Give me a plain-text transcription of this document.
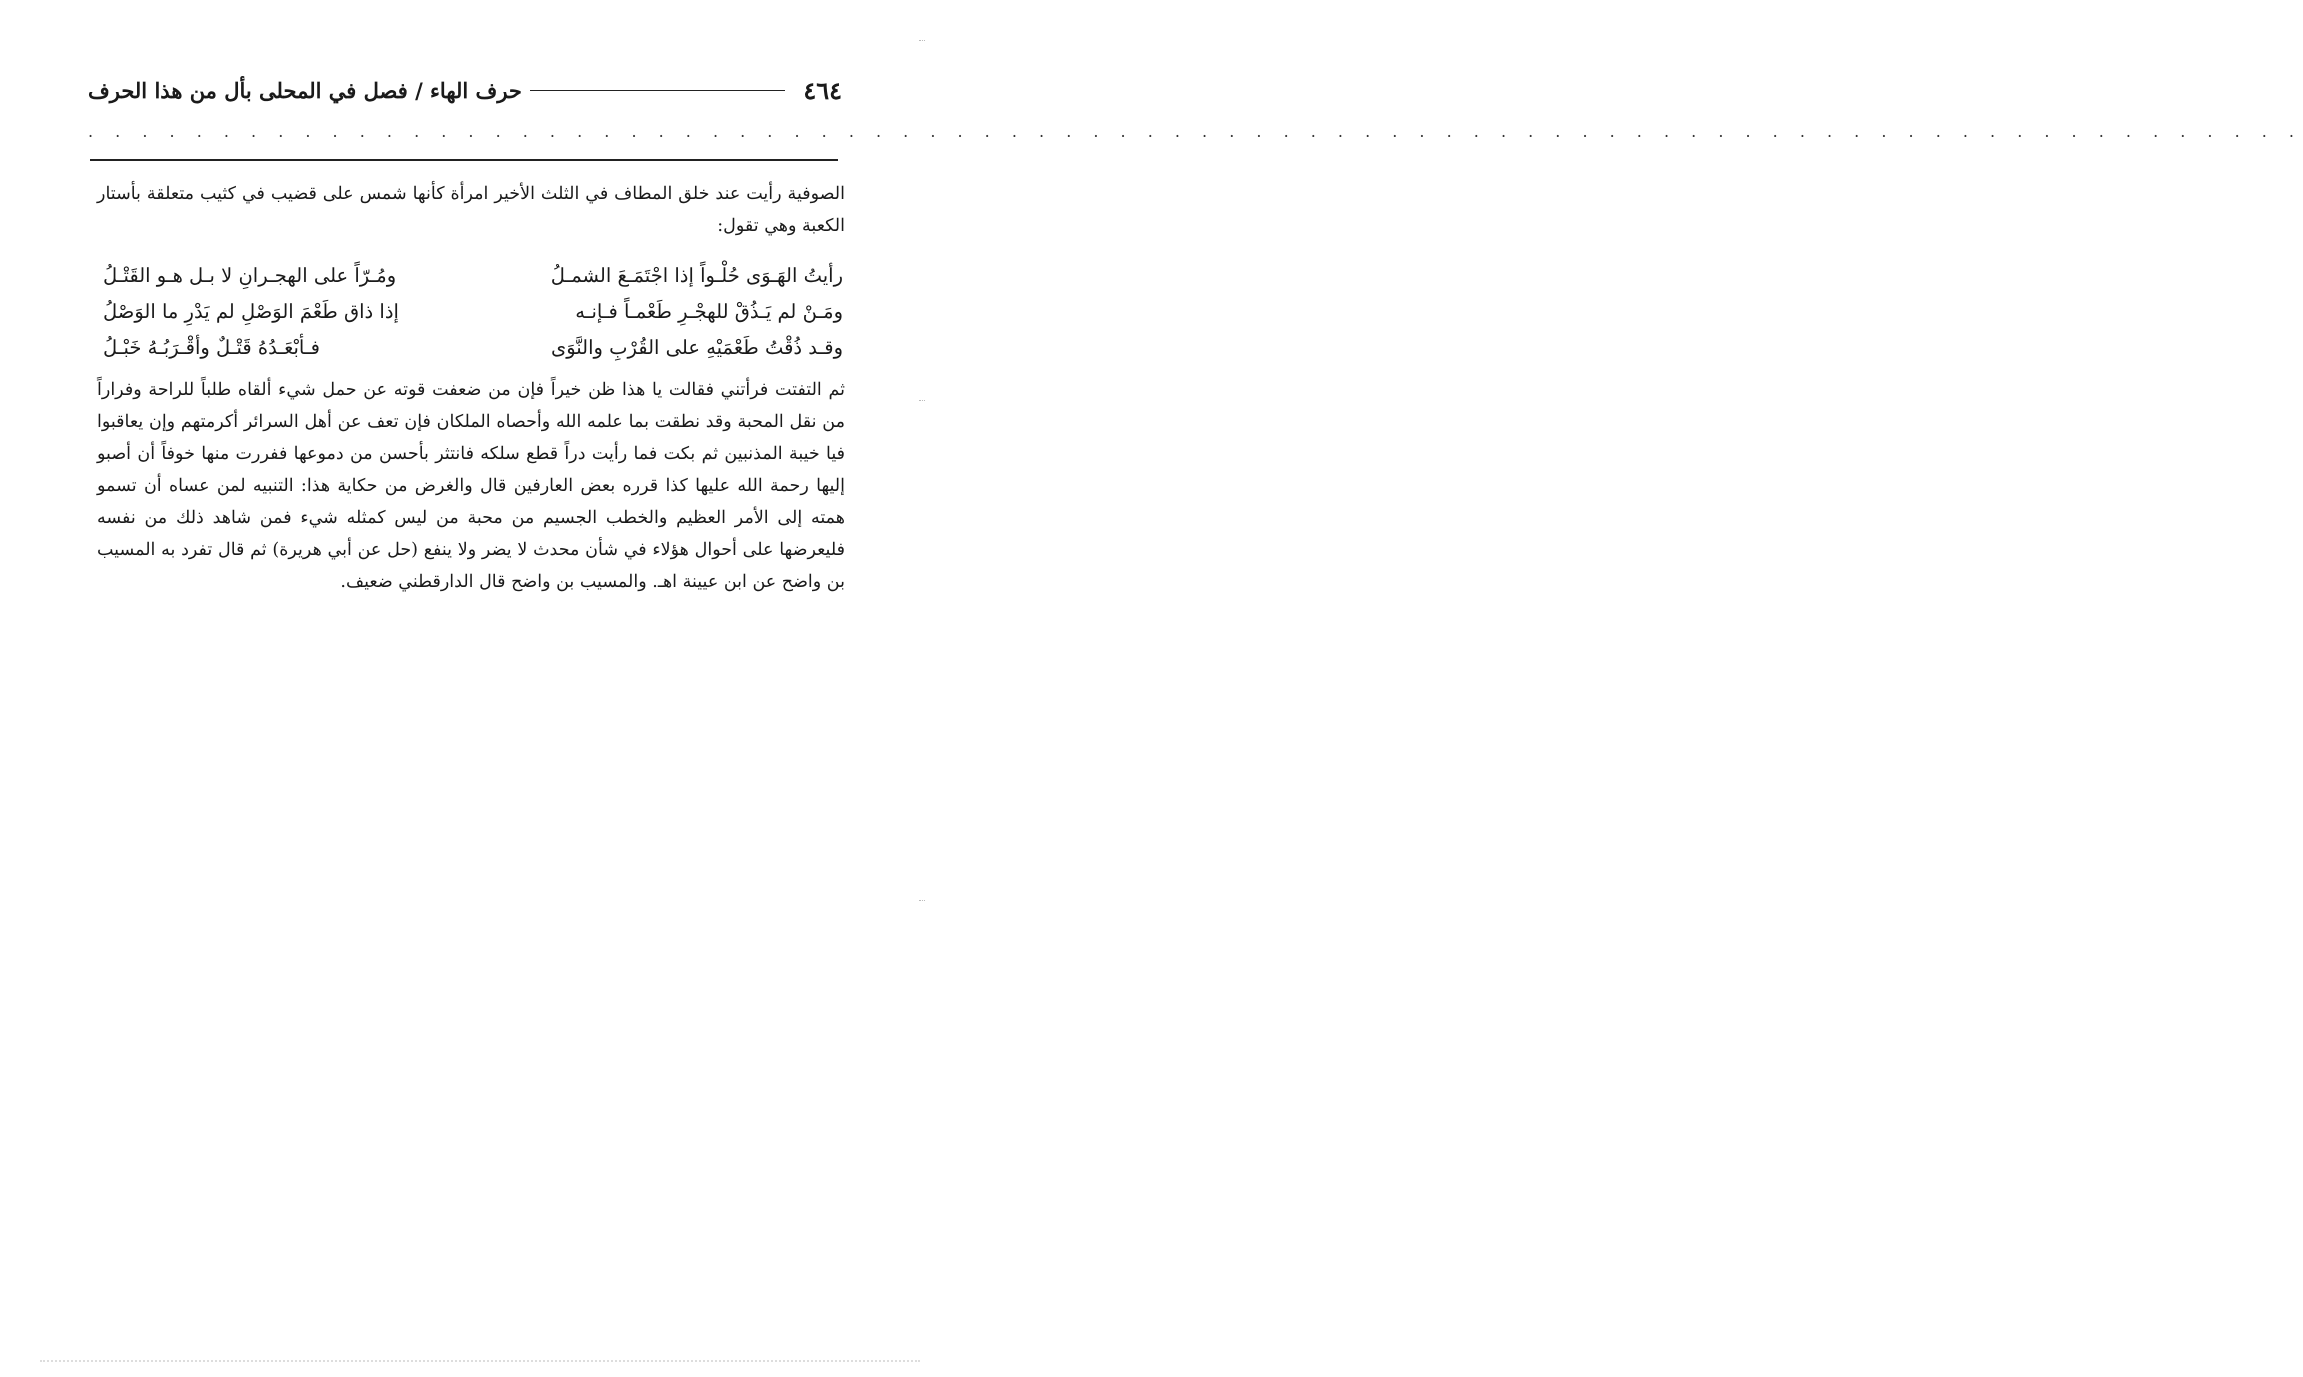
٤٦٤
حرف الهاء / فصل في المحلى بأل من هذا الحرف
. . . . . . . . . . . . . . . . . . . . . . . . . . . . . . . . . . . . . . . . . . . . . . . . . . . . . . . . . . . . . . . . . . . . . . . . . . . . . . . . . .
الصوفية رأيت عند خلق المطاف في الثلث الأخير امرأة كأنها شمس على قضيب في كثيب متعلقة بأستار الكعبة وهي تقول:
رأيتُ الهَـوَى حُلْـواً إذا اجْتَمَـعَ الشمـلُ
ومُـرّاً على الهجـرانِ لا بـل هـو القَتْـلُ
ومَـنْ لم يَـذُقْ للهجْـرِ طَعْمـاً فـإنـه
إذا ذاق طَعْمَ الوَصْلِ لم يَدْرِ ما الوَصْلُ
وقـد ذُقْتُ طَعْمَيْهِ على القُرْبِ والنَّوَى
فـأبْعَـدُهُ قَتْـلٌ وأقْـرَبُـهُ خَبْـلُ
ثم التفتت فرأتني فقالت يا هذا ظن خيراً فإن من ضعفت قوته عن حمل شيء ألقاه طلباً للراحة وفراراً من نقل المحبة وقد نطقت بما علمه الله وأحصاه الملكان فإن تعف عن أهل السرائر أكرمتهم وإن يعاقبوا فيا خيبة المذنبين ثم بكت فما رأيت دراً قطع سلكه فانتثر بأحسن من دموعها ففررت منها خوفاً أن أصبو إليها رحمة الله عليها كذا قرره بعض العارفين قال والغرض من حكاية هذا: التنبيه لمن عساه أن تسمو همته إلى الأمر العظيم والخطب الجسيم من محبة من ليس كمثله شيء فمن شاهد ذلك من نفسه فليعرضها على أحوال هؤلاء في شأن محدث لا يضر ولا ينفع (حل عن أبي هريرة) ثم قال تفرد به المسيب بن واضح عن ابن عيينة اهـ. والمسيب بن واضح قال الدارقطني ضعيف.
